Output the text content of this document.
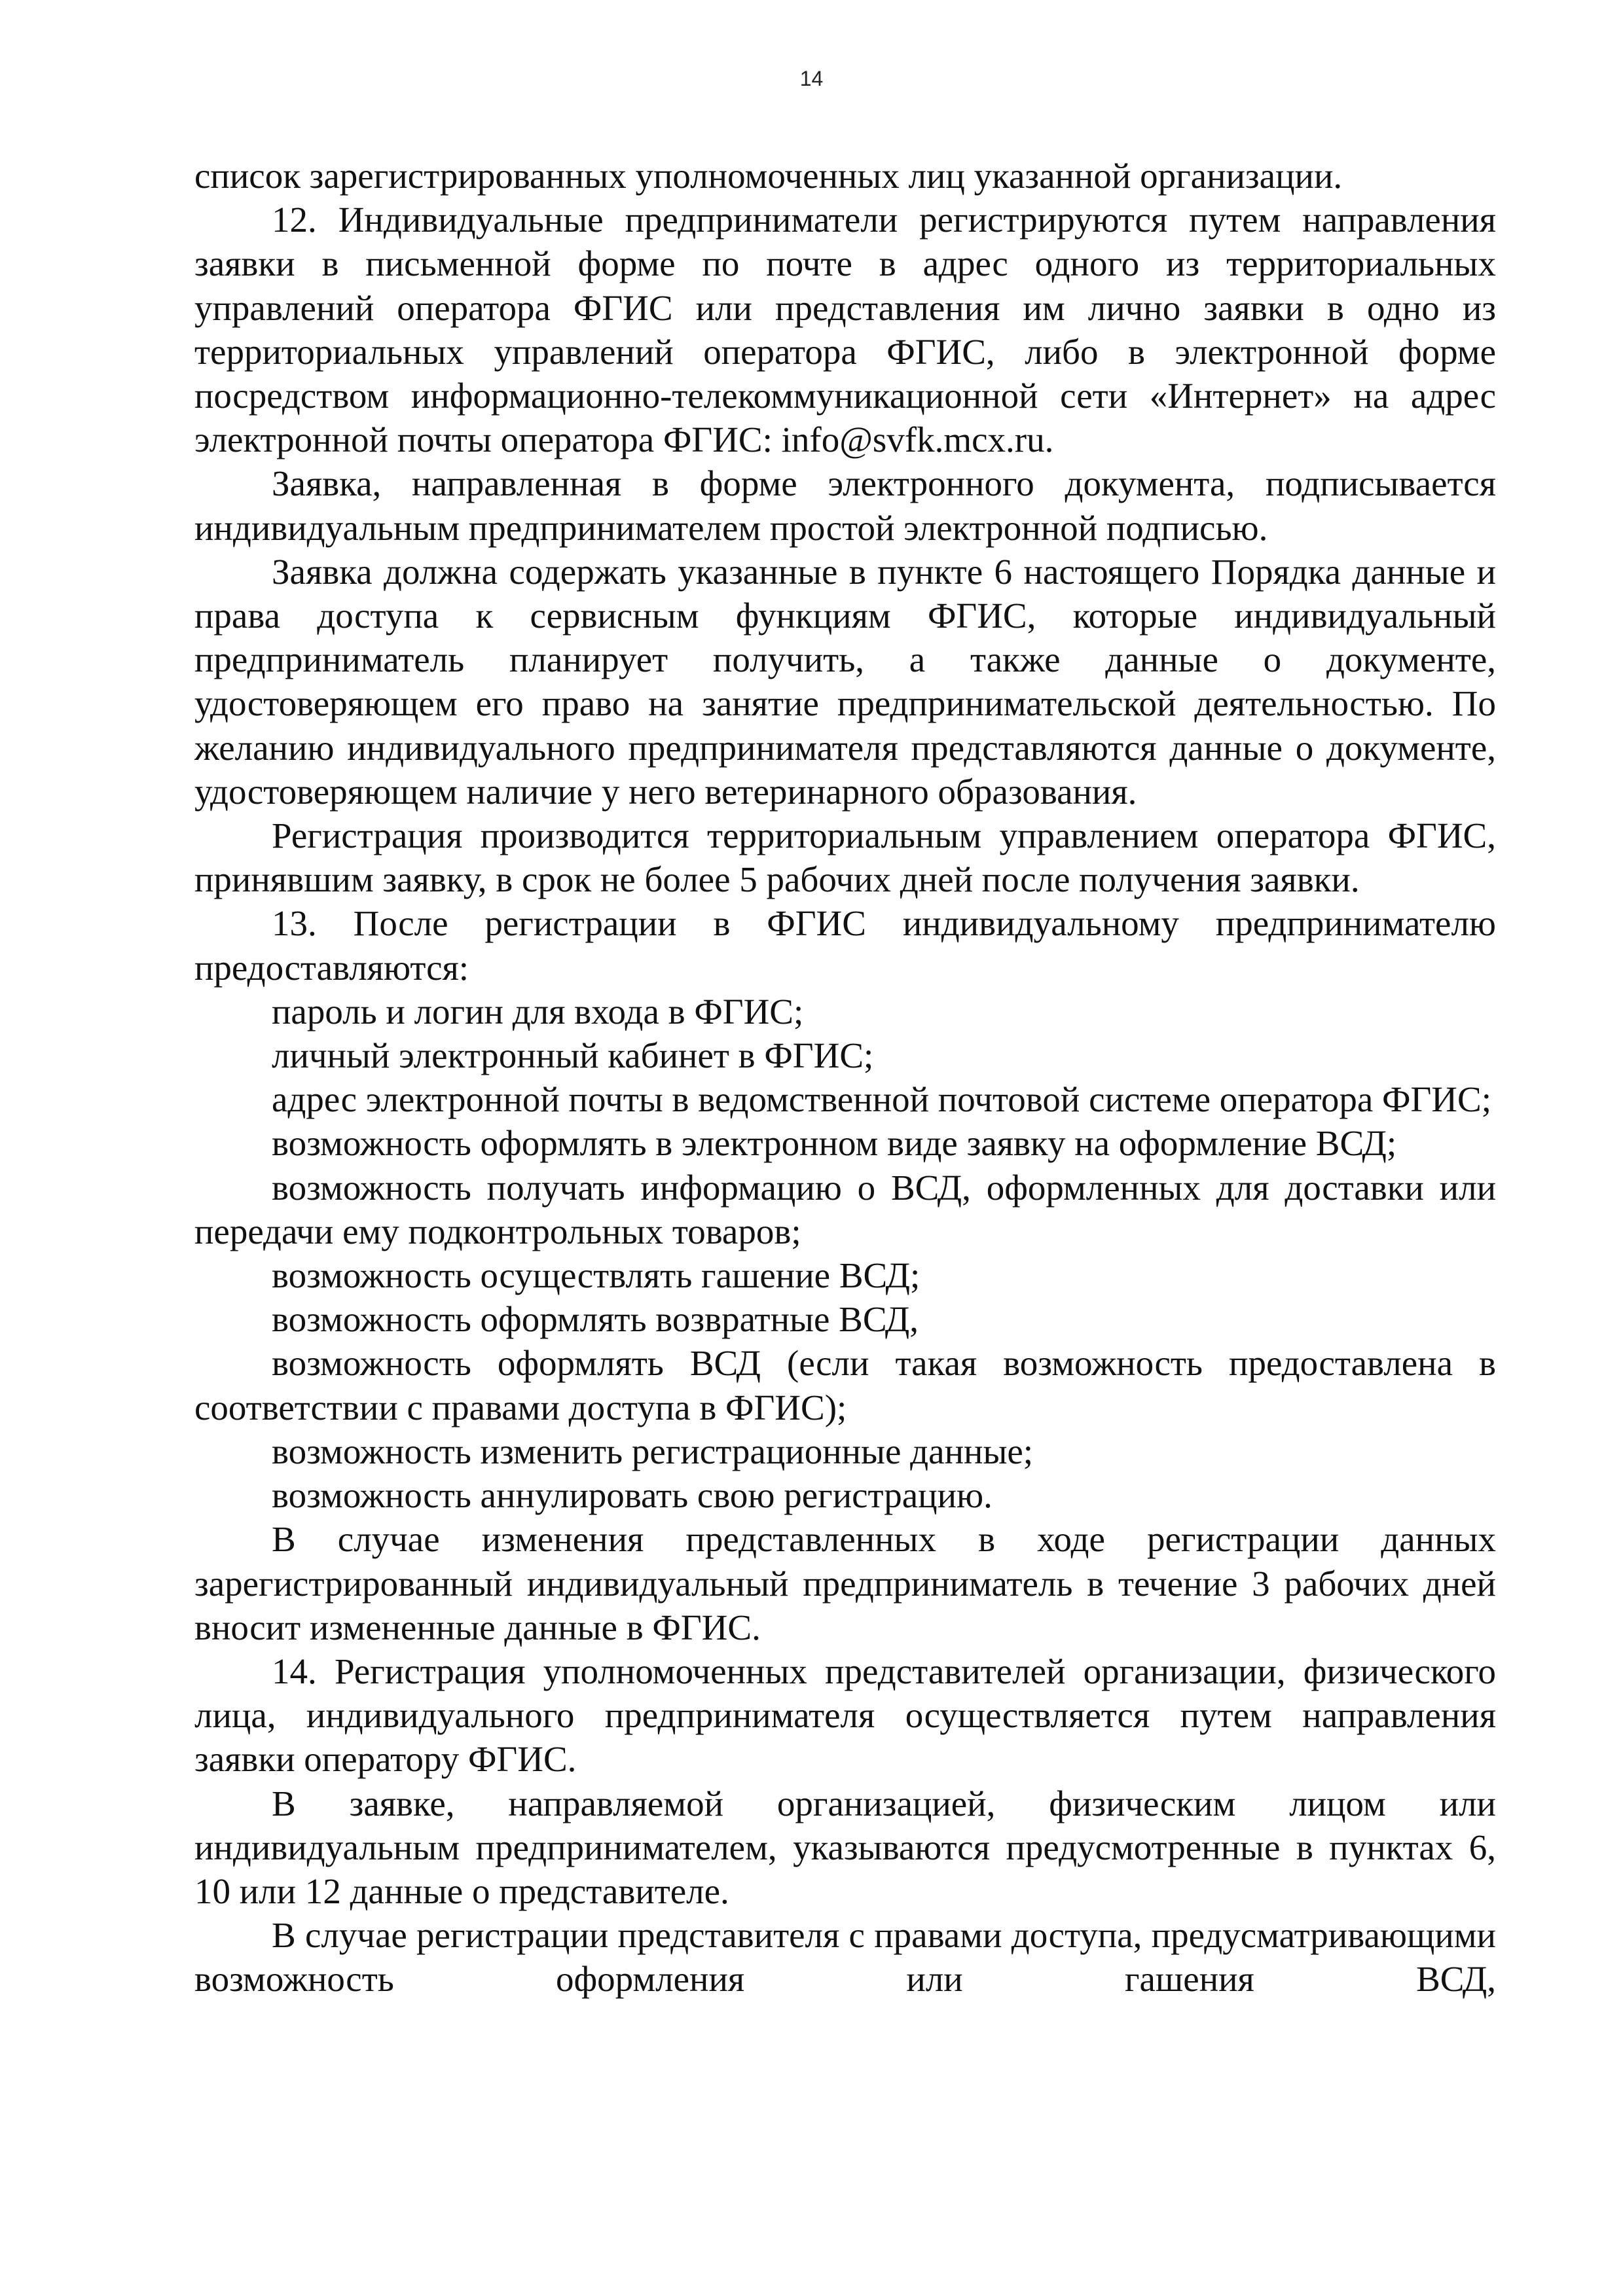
14

список зарегистрированных уполномоченных лиц указанной организации.

12. Индивидуальные предприниматели регистрируются путем направления заявки в письменной форме по почте в адрес одного из территориальных управлений оператора ФГИС или представления им лично заявки в одно из территориальных управлений оператора ФГИС, либо в электронной форме посредством информационно-телекоммуникационной сети «Интернет» на адрес электронной почты оператора ФГИС: info@svfk.mcx.ru.

Заявка, направленная в форме электронного документа, подписывается индивидуальным предпринимателем простой электронной подписью.

Заявка должна содержать указанные в пункте 6 настоящего Порядка данные и права доступа к сервисным функциям ФГИС, которые индивидуальный предприниматель планирует получить, а также данные о документе, удостоверяющем его право на занятие предпринимательской деятельностью. По желанию индивидуального предпринимателя представляются данные о документе, удостоверяющем наличие у него ветеринарного образования.

Регистрация производится территориальным управлением оператора ФГИС, принявшим заявку, в срок не более 5 рабочих дней после получения заявки.

13. После регистрации в ФГИС индивидуальному предпринимателю предоставляются:

пароль и логин для входа в ФГИС;

личный электронный кабинет в ФГИС;

адрес электронной почты в ведомственной почтовой системе оператора ФГИС;

возможность оформлять в электронном виде заявку на оформление ВСД;

возможность получать информацию о ВСД, оформленных для доставки или передачи ему подконтрольных товаров;

возможность осуществлять гашение ВСД;

возможность оформлять возвратные ВСД,

возможность оформлять ВСД (если такая возможность предоставлена в соответствии с правами доступа в ФГИС);

возможность изменить регистрационные данные;

возможность аннулировать свою регистрацию.

В случае изменения представленных в ходе регистрации данных зарегистрированный индивидуальный предприниматель в течение 3 рабочих дней вносит измененные данные в ФГИС.

14. Регистрация уполномоченных представителей организации, физического лица, индивидуального предпринимателя осуществляется путем направления заявки оператору ФГИС.

В заявке, направляемой организацией, физическим лицом или индивидуальным предпринимателем, указываются предусмотренные в пунктах 6, 10 или 12 данные о представителе.

В случае регистрации представителя с правами доступа, предусматривающими возможность оформления или гашения ВСД,
